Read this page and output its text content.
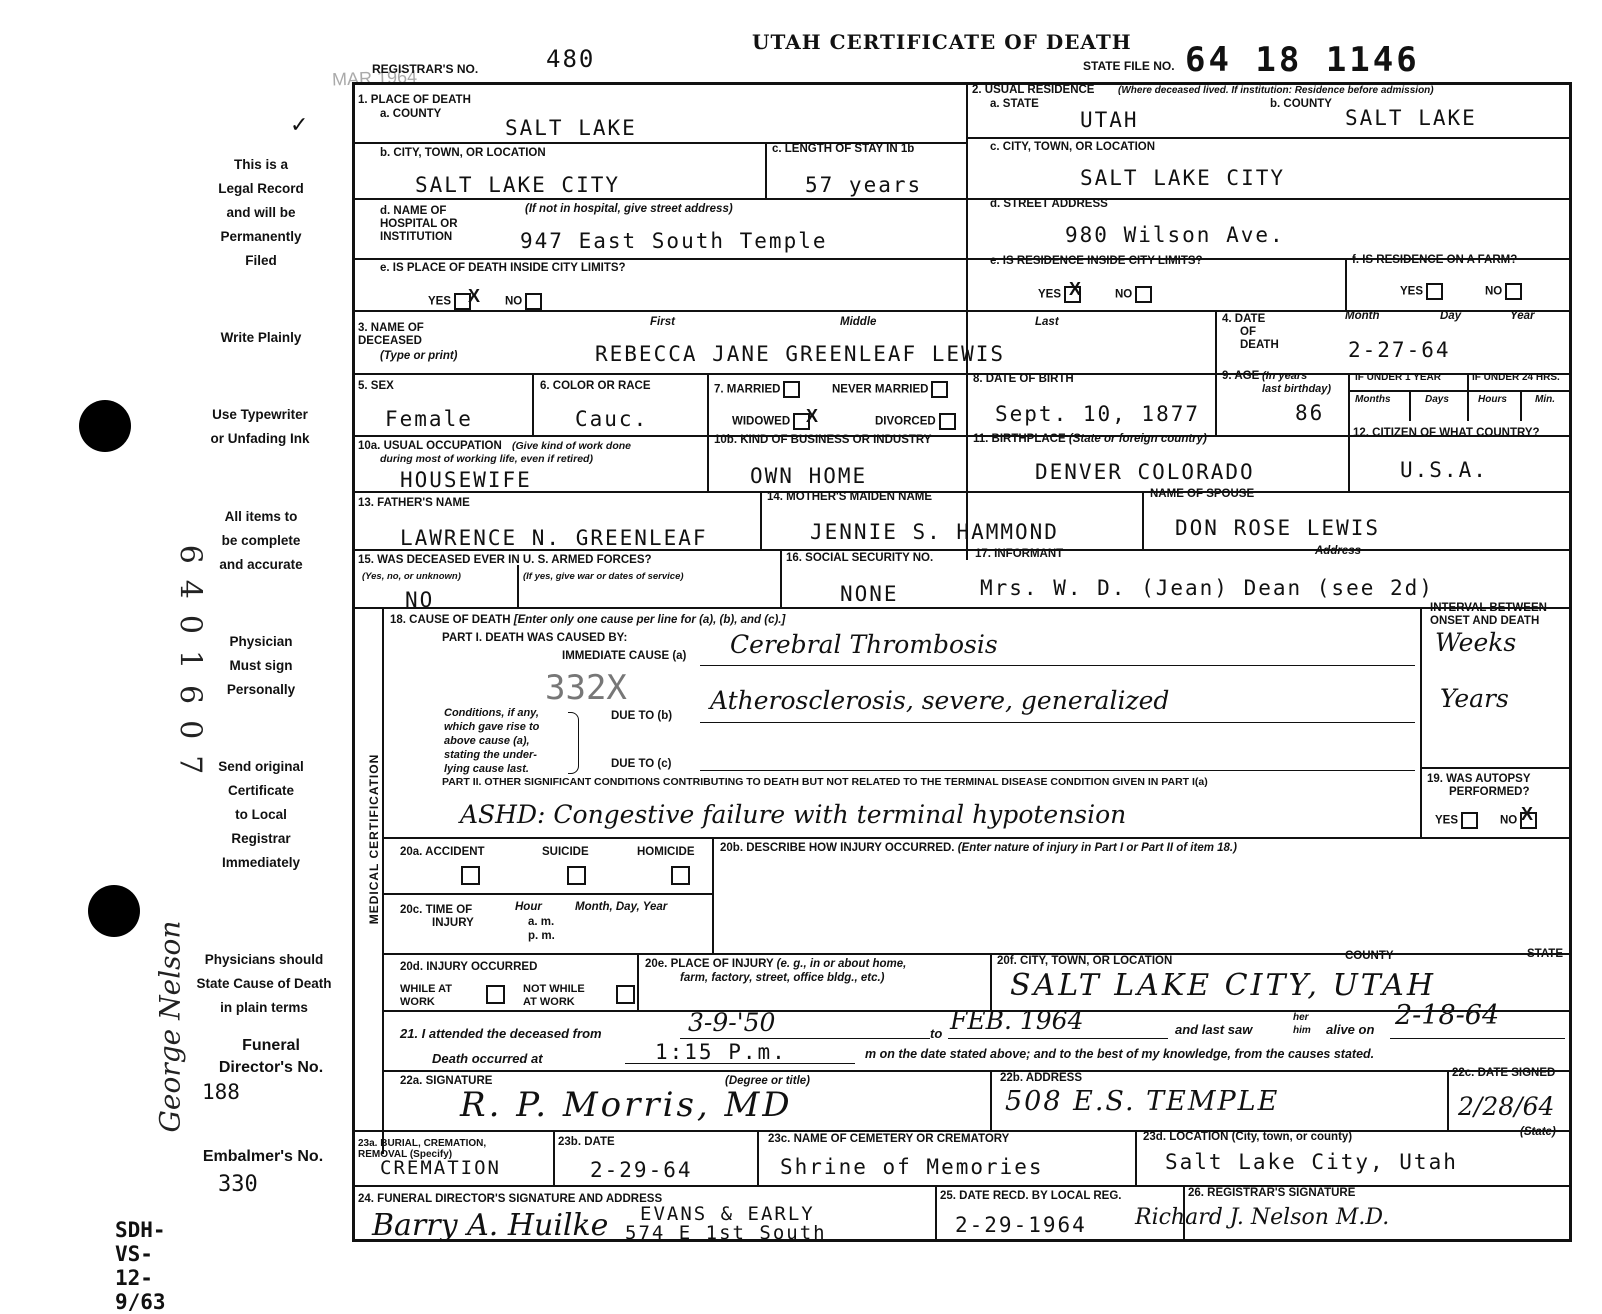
✓
This is a
Legal Record
and will be
Permanently
Filed
Write Plainly
Use Typewriter
or Unfading Ink
All items to
be complete
and accurate
Physician
Must sign
Personally
Send original
Certificate
to Local
Registrar
Immediately
Physicians should
State Cause of Death
in plain terms
Funeral
Director's No.
188
Embalmer's No.
330
SDH-VS-12-9/63
6401607
George Nelson
MAR 1964
REGISTRAR'S NO.	480
UTAH CERTIFICATE OF DEATH
STATE FILE NO. 64 18 1146
1. PLACE OF DEATH
a. COUNTY
SALT LAKE
2. USUAL RESIDENCE (Where deceased lived. If institution: Residence before admission)
a. STATE	b. COUNTY
UTAH	SALT LAKE
b. CITY, TOWN, OR LOCATION
SALT LAKE CITY
c. LENGTH OF STAY IN 1b
57 years
c. CITY, TOWN, OR LOCATION
SALT LAKE CITY
d. NAME OF
HOSPITAL OR
INSTITUTION
(If not in hospital, give street address)
947 East South Temple
d. STREET ADDRESS
980 Wilson Ave.
e. IS PLACE OF DEATH INSIDE CITY LIMITS?
YES X NO
e. IS RESIDENCE INSIDE CITY LIMITS?
YES X	NO
f. IS RESIDENCE ON A FARM?
YES	NO
3. NAME OF DECEASED
(Type or print)
First	Middle	Last
REBECCA JANE GREENLEAF LEWIS
4. DATE
OF
DEATH
Month	Day	Year
2-27-64
5. SEX
Female
6. COLOR OR RACE
Cauc.
7. MARRIED	NEVER MARRIED
WIDOWED X	DIVORCED
8. DATE OF BIRTH
Sept. 10, 1877
9. AGE (In years
last birthday)
86
IF UNDER 1 YEAR	IF UNDER 24 HRS.
Months	Days	Hours	Min.
10a. USUAL OCCUPATION (Give kind of work done
during most of working life, even if retired)
HOUSEWIFE
10b. KIND OF BUSINESS OR INDUSTRY
OWN HOME
11. BIRTHPLACE (State or foreign country)
DENVER COLORADO
12. CITIZEN OF WHAT COUNTRY?
U.S.A.
13. FATHER'S NAME
LAWRENCE N. GREENLEAF
14. MOTHER'S MAIDEN NAME
JENNIE S. HAMMOND
NAME OF SPOUSE
DON ROSE LEWIS
15. WAS DECEASED EVER IN U. S. ARMED FORCES?
(Yes, no, or unknown)	(If yes, give war or dates of service)
NO
16. SOCIAL SECURITY NO.
NONE
17. INFORMANT	Address
Mrs. W. D. (Jean) Dean (see 2d)
MEDICAL CERTIFICATION
18. CAUSE OF DEATH [Enter only one cause per line for (a), (b), and (c).]
PART I. DEATH WAS CAUSED BY:
IMMEDIATE CAUSE (a) Cerebral Thrombosis
332X
Conditions, if any,
which gave rise to
above cause (a),
stating the under-
lying cause last.
DUE TO (b)
Atherosclerosis, severe, generalized
DUE TO (c)
INTERVAL BETWEEN
ONSET AND DEATH
Weeks
Years
PART II. OTHER SIGNIFICANT CONDITIONS CONTRIBUTING TO DEATH BUT NOT RELATED TO THE TERMINAL DISEASE CONDITION GIVEN IN PART I(a)
ASHD: Congestive failure with terminal hypotension
19. WAS AUTOPSY
PERFORMED?
YES	NO X
20a. ACCIDENT	SUICIDE	HOMICIDE 20b. DESCRIBE HOW INJURY OCCURRED. (Enter nature of injury in Part I or Part II of item 18.)
20c. TIME OF
INJURY
Hour
a. m.
p. m.
Month, Day, Year
20d. INJURY OCCURRED
WHILE AT
WORK
NOT WHILE
AT WORK
20e. PLACE OF INJURY (e. g., in or about home,
farm, factory, street, office bldg., etc.)
20f. CITY, TOWN, OR LOCATION	COUNTY	STATE
SALT LAKE CITY, UTAH
21. I attended the deceased from	3-9-'50	to FEB. 1964	and last saw
her
him alive on 2-18-64
Death occurred at	1:15 P.m.	m on the date stated above; and to the best of my knowledge, from the causes stated.
22a. SIGNATURE	(Degree or title)
R. P. Morris, MD
22b. ADDRESS
508 E.S. TEMPLE
22c. DATE SIGNED
2/28/64
23a. BURIAL, CREMATION,
REMOVAL (Specify)
CREMATION
23b. DATE
2-29-64
23c. NAME OF CEMETERY OR CREMATORY
Shrine of Memories
23d. LOCATION (City, town, or county)	(State)
Salt Lake City, Utah
24. FUNERAL DIRECTOR'S SIGNATURE AND ADDRESS
EVANS & EARLY
574 E 1st South
Barry A. Huilke
25. DATE RECD. BY LOCAL REG.
2-29-1964
26. REGISTRAR'S SIGNATURE
Richard J. Nelson M.D.
